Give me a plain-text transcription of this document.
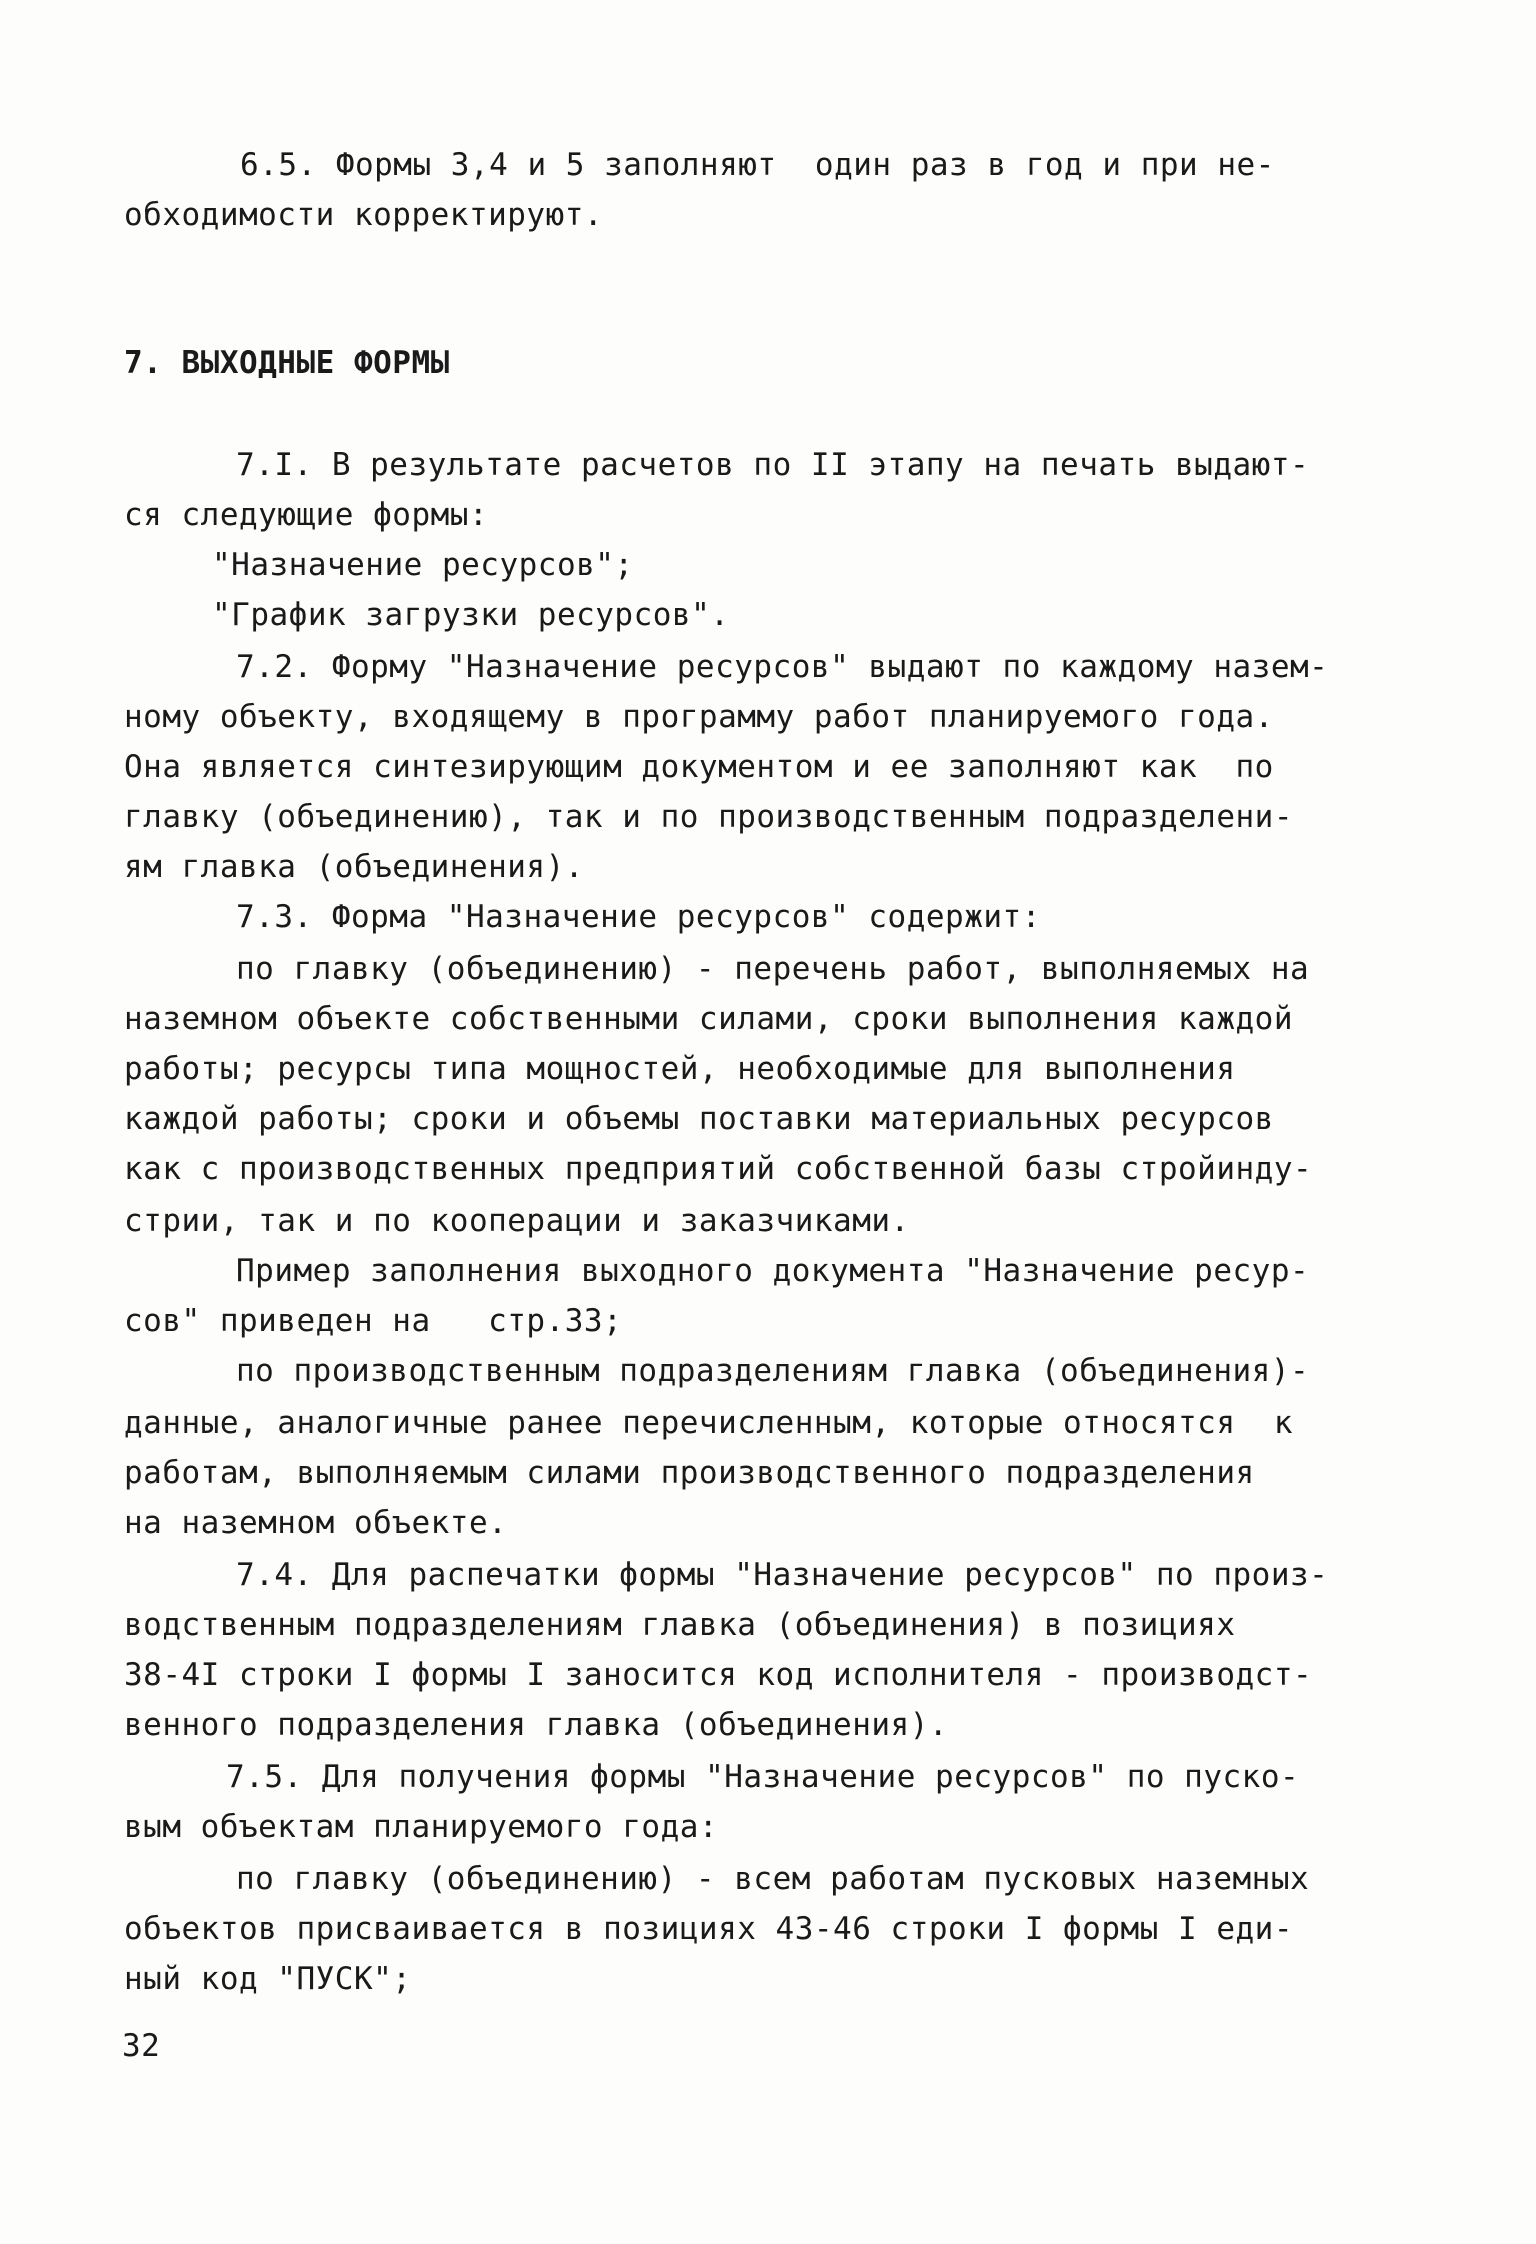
6.5. Формы 3,4 и 5 заполняют  один раз в год и при не-
обходимости корректируют.
7. ВЫХОДНЫЕ ФОРМЫ
7.I. В результате расчетов по II этапу на печать выдают-
ся следующие формы:
"Назначение ресурсов";
"График загрузки ресурсов".
7.2. Форму "Назначение ресурсов" выдают по каждому назем-
ному объекту, входящему в программу работ планируемого года.
Она является синтезирующим документом и ее заполняют как  по
главку (объединению), так и по производственным подразделени-
ям главка (объединения).
7.3. Форма "Назначение ресурсов" содержит:
по главку (объединению) - перечень работ, выполняемых на
наземном объекте собственными силами, сроки выполнения каждой
работы; ресурсы типа мощностей, необходимые для выполнения
каждой работы; сроки и объемы поставки материальных ресурсов
как с производственных предприятий собственной базы стройинду-
стрии, так и по кооперации и заказчиками.
Пример заполнения выходного документа "Назначение ресур-
сов" приведен на   стр.33;
по производственным подразделениям главка (объединения)-
данные, аналогичные ранее перечисленным, которые относятся  к
работам, выполняемым силами производственного подразделения
на наземном объекте.
7.4. Для распечатки формы "Назначение ресурсов" по произ-
водственным подразделениям главка (объединения) в позициях
38-4I строки I формы I заносится код исполнителя - производст-
венного подразделения главка (объединения).
7.5. Для получения формы "Назначение ресурсов" по пуско-
вым объектам планируемого года:
по главку (объединению) - всем работам пусковых наземных
объектов присваивается в позициях 43-46 строки I формы I еди-
ный код "ПУСК";
32
